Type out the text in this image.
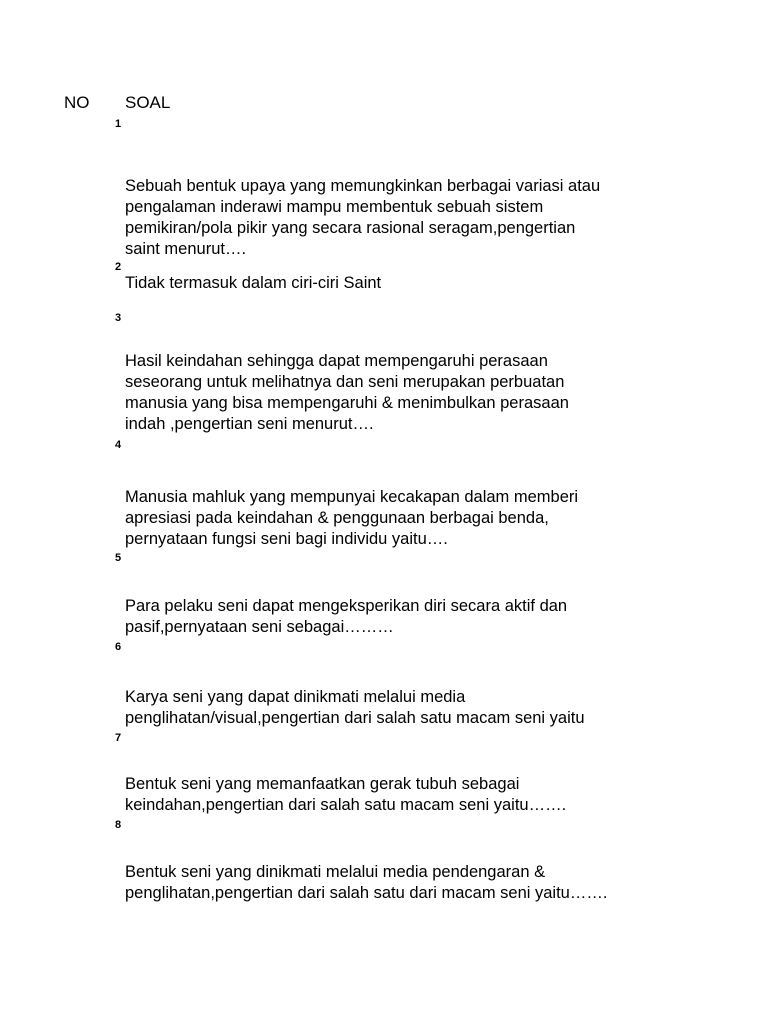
NO SOAL
1
Sebuah bentuk upaya yang memungkinkan berbagai variasi atau
pengalaman inderawi mampu membentuk sebuah sistem
pemikiran/pola pikir yang secara rasional seragam,pengertian
saint menurut….
2
Tidak termasuk dalam ciri-ciri Saint
3
Hasil keindahan sehingga dapat mempengaruhi perasaan
seseorang untuk melihatnya dan seni merupakan perbuatan
manusia yang bisa mempengaruhi & menimbulkan perasaan
indah ,pengertian seni menurut….
4
Manusia mahluk yang mempunyai kecakapan dalam memberi
apresiasi pada keindahan & penggunaan berbagai benda,
pernyataan fungsi seni bagi individu yaitu….
5
Para pelaku seni dapat mengeksperikan diri secara aktif dan
pasif,pernyataan seni sebagai………
6
Karya seni yang dapat dinikmati melalui media
penglihatan/visual,pengertian dari salah satu macam seni yaitu
7
Bentuk seni yang memanfaatkan gerak tubuh sebagai
keindahan,pengertian dari salah satu macam seni yaitu…….
8
Bentuk seni yang dinikmati melalui media pendengaran &
penglihatan,pengertian dari salah satu dari macam seni yaitu…….
